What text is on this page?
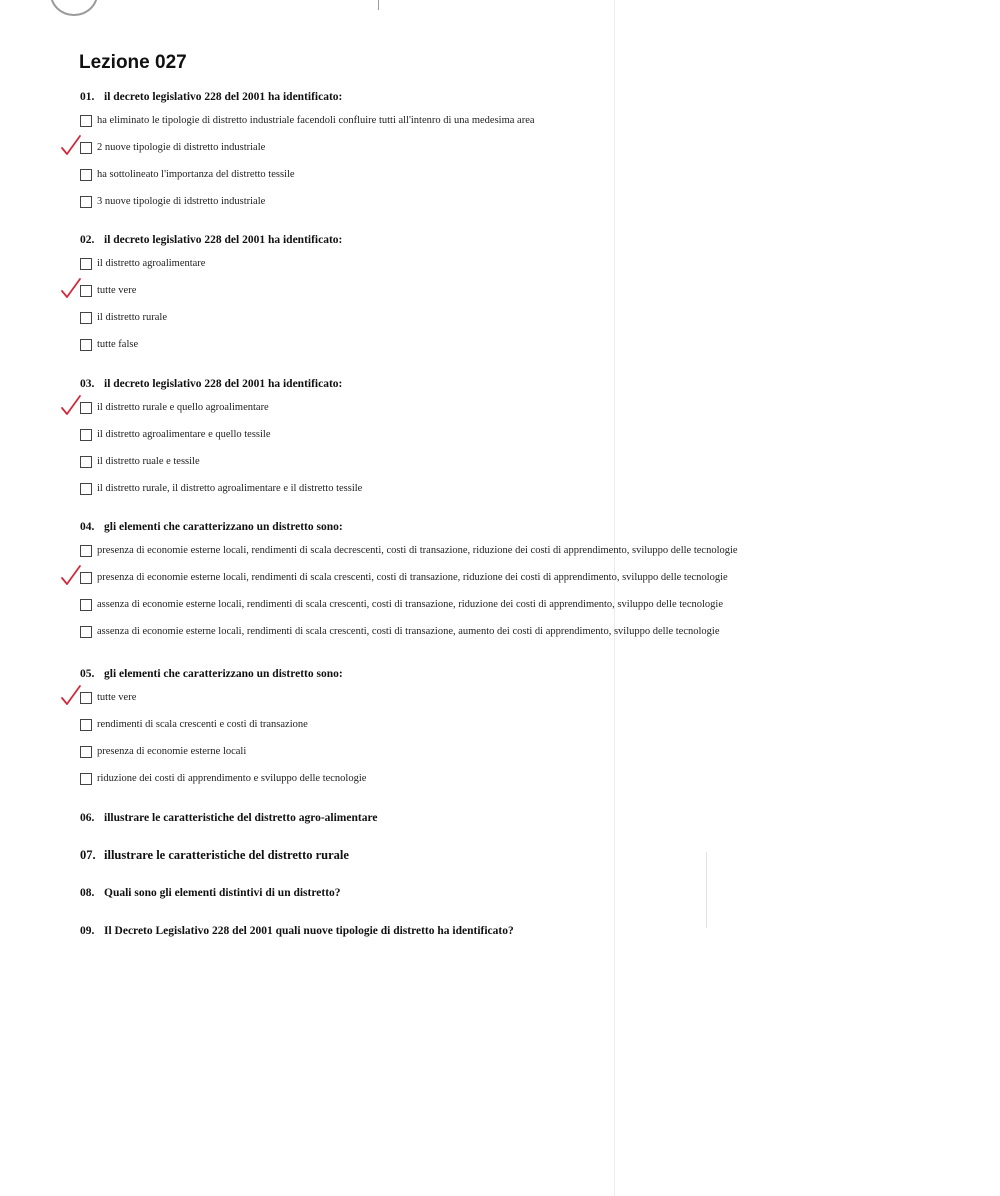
Lezione 027
01. il decreto legislativo 228 del 2001 ha identificato:
ha eliminato le tipologie di distretto industriale facendoli confluire tutti all'intenro di una medesima area
2 nuove tipologie di distretto industriale
ha sottolineato l'importanza del distretto tessile
3 nuove tipologie di idstretto industriale
02. il decreto legislativo 228 del 2001 ha identificato:
il distretto agroalimentare
tutte vere
il distretto rurale
tutte false
03. il decreto legislativo 228 del 2001 ha identificato:
il distretto rurale e quello agroalimentare
il distretto agroalimentare e quello tessile
il distretto ruale e tessile
il distretto rurale, il distretto agroalimentare e il distretto tessile
04. gli elementi che caratterizzano un distretto sono:
presenza di economie esterne locali, rendimenti di scala decrescenti, costi di transazione, riduzione dei costi di apprendimento, sviluppo delle tecnologie
presenza di economie esterne locali, rendimenti di scala crescenti, costi di transazione, riduzione dei costi di apprendimento, sviluppo delle tecnologie
assenza di economie esterne locali, rendimenti di scala crescenti, costi di transazione, riduzione dei costi di apprendimento, sviluppo delle tecnologie
assenza di economie esterne locali, rendimenti di scala crescenti, costi di transazione, aumento dei costi di apprendimento, sviluppo delle tecnologie
05. gli elementi che caratterizzano un distretto sono:
tutte vere
rendimenti di scala crescenti e costi di transazione
presenza di economie esterne locali
riduzione dei costi di apprendimento e sviluppo delle tecnologie
06. illustrare le caratteristiche del distretto agro-alimentare
07. illustrare le caratteristiche del distretto rurale
08. Quali sono gli elementi distintivi di un distretto?
09. Il Decreto Legislativo 228 del 2001 quali nuove tipologie di distretto ha identificato?
